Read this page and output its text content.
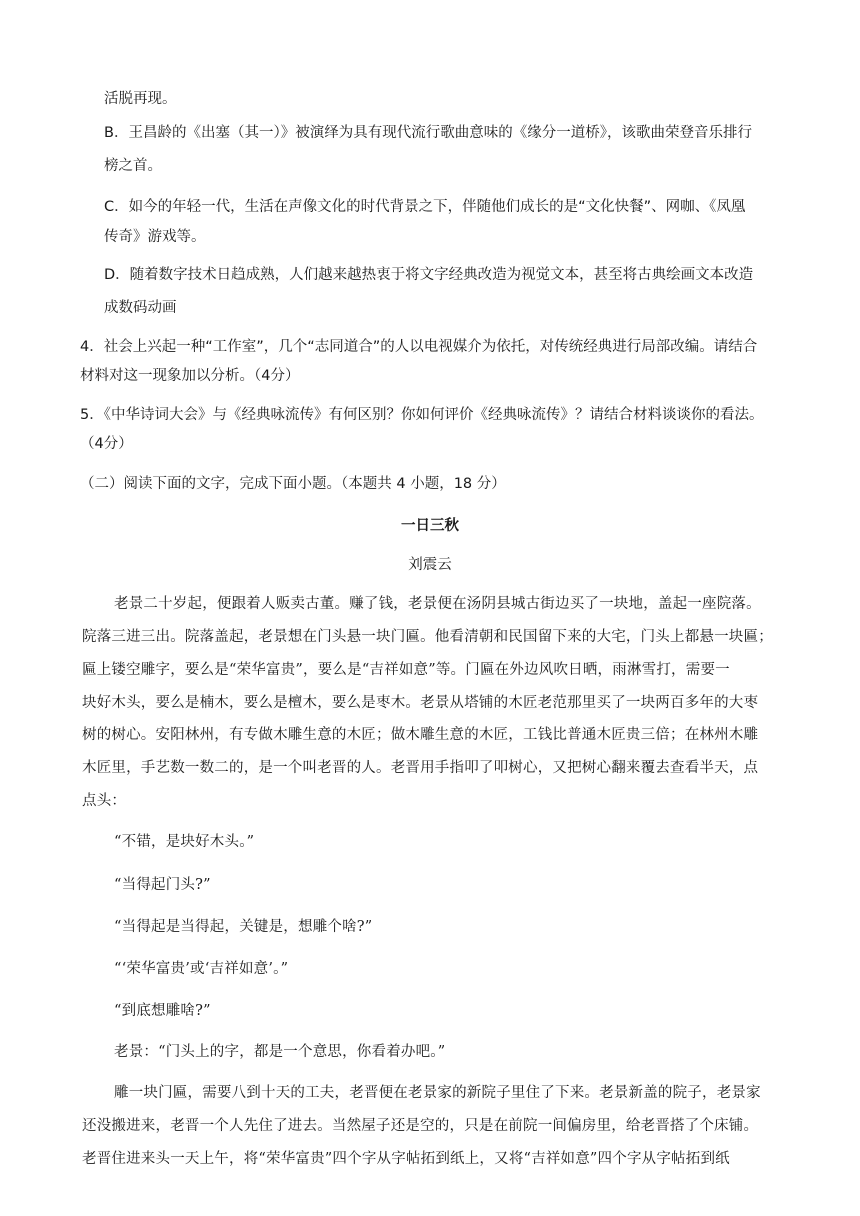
活脱再现。
B．王昌龄的《出塞（其一）》被演绎为具有现代流行歌曲意味的《缘分一道桥》，该歌曲荣登音乐排行
榜之首。
C．如今的年轻一代，生活在声像文化的时代背景之下，伴随他们成长的是“文化快餐”、网咖、《凤凰
传奇》游戏等。
D．随着数字技术日趋成熟，人们越来越热衷于将文字经典改造为视觉文本，甚至将古典绘画文本改造
成数码动画
4．社会上兴起一种“工作室”，几个“志同道合”的人以电视媒介为依托，对传统经典进行局部改编。请结合
材料对这一现象加以分析。（4分）
5．《中华诗词大会》与《经典咏流传》有何区别？你如何评价《经典咏流传》？请结合材料谈谈你的看法。
（4分）
（二）阅读下面的文字，完成下面小题。（本题共 4 小题，18 分）
一日三秋
刘震云
老景二十岁起，便跟着人贩卖古董。赚了钱，老景便在汤阴县城古街边买了一块地，盖起一座院落。
院落三进三出。院落盖起，老景想在门头悬一块门匾。他看清朝和民国留下来的大宅，门头上都悬一块匾；
匾上镂空雕字，要么是“荣华富贵”，要么是“吉祥如意”等。门匾在外边风吹日晒，雨淋雪打，需要一
块好木头，要么是楠木，要么是檀木，要么是枣木。老景从塔铺的木匠老范那里买了一块两百多年的大枣
树的树心。安阳林州，有专做木雕生意的木匠；做木雕生意的木匠，工钱比普通木匠贵三倍；在林州木雕
木匠里，手艺数一数二的，是一个叫老晋的人。老晋用手指叩了叩树心，又把树心翻来覆去查看半天，点
点头：
“不错，是块好木头。”
“当得起门头?”
“当得起是当得起，关键是，想雕个啥?”
“‘荣华富贵’或‘吉祥如意’。”
“到底想雕啥?”
老景：“门头上的字，都是一个意思，你看着办吧。”
雕一块门匾，需要八到十天的工夫，老晋便在老景家的新院子里住了下来。老景新盖的院子，老景家
还没搬进来，老晋一个人先住了进去。当然屋子还是空的，只是在前院一间偏房里，给老晋搭了个床铺。
老晋住进来头一天上午，将“荣华富贵”四个字从字帖拓到纸上，又将“吉祥如意”四个字从字帖拓到纸
